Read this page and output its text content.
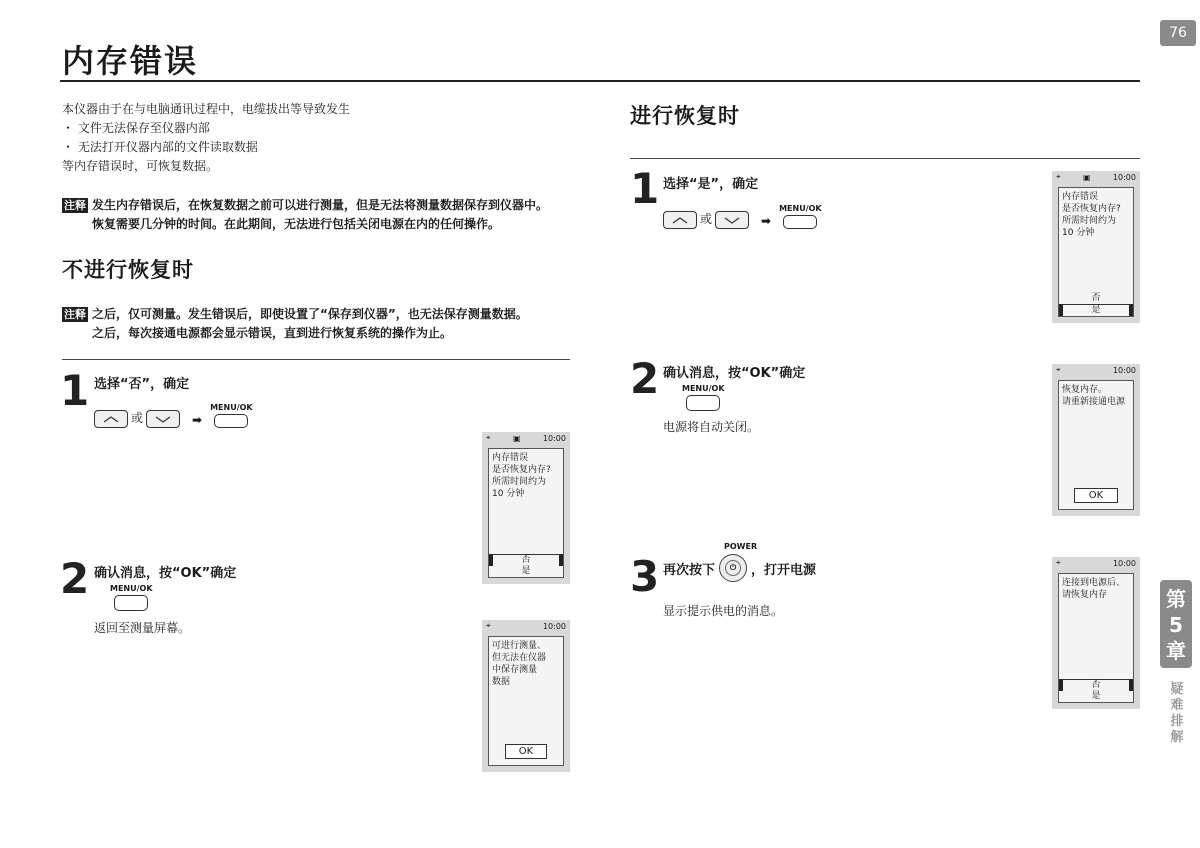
76
内存错误
本仪器由于在与电脑通讯过程中，电缆拔出等导致发生
・ 文件无法保存至仪器内部
・ 无法打开仪器内部的文件读取数据
等内存错误时，可恢复数据。
注释 发生内存错误后，在恢复数据之前可以进行测量，但是无法将测量数据保存到仪器中。
恢复需要几分钟的时间。在此期间，无法进行包括关闭电源在内的任何操作。
不进行恢复时
注释 之后，仅可测量。发生错误后，即使设置了“保存到仪器”，也无法保存测量数据。
之后，每次接通电源都会显示错误，直到进行恢复系统的操作为止。
1 选择“否”，确定
或	➡
MENU/OK
⌖	▣	10:00
内存错误
是否恢复内存?
所需时间约为
10 分钟
否
是
2 确认消息，按“OK”确定
MENU/OK
返回至测量屏幕。	⌖	10:00
可进行测量、
但无法在仪器
中保存测量
数据
OK
进行恢复时
1 选择“是”，确定
或	➡
MENU/OK
⌖	▣	10:00
内存错误
是否恢复内存?
所需时间约为
10 分钟
否
是
2 确认消息，按“OK”确定
MENU/OK
电源将自动关闭。
⌖	10:00
恢复内存。
请重新接通电源
OK
3
POWER
再次按下	⏻	，打开电源
显示提示供电的消息。
⌖	10:00
连接到电源后、
请恢复内存
否
是
第
5
章
疑难排解
